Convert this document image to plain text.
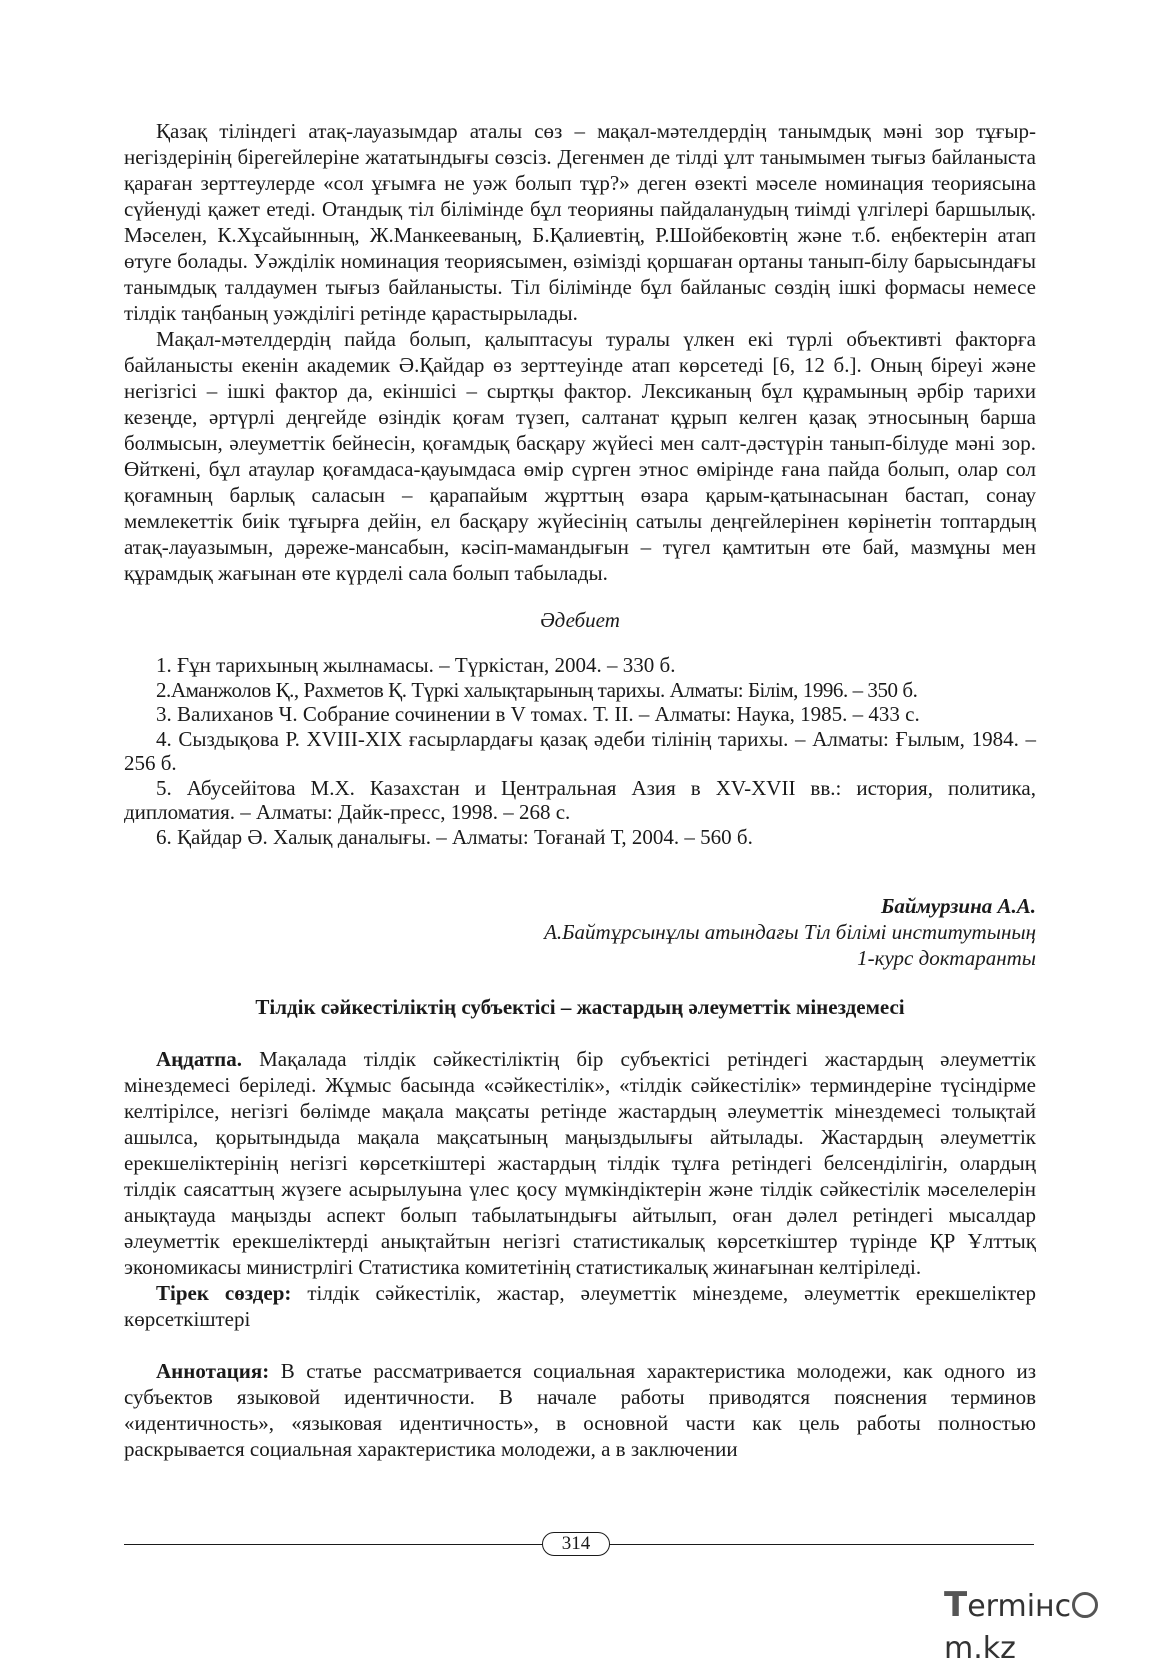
Қазақ тіліндегі атақ-лауазымдар аталы сөз – мақал-мәтелдердің танымдық мәні зор тұғыр-негіздерінің бірегейлеріне жататындығы сөзсіз. Дегенмен де тілді ұлт танымымен тығыз байланыста қараған зерттеулерде «сол ұғымға не уәж болып тұр?» деген өзекті мәселе номинация теориясына сүйенуді қажет етеді. Отандық тіл білімінде бұл теорияны пайдаланудың тиімді үлгілері баршылық. Мәселен, К.Хұсайынның, Ж.Манкееваның, Б.Қалиевтің, Р.Шойбековтің және т.б. еңбектерін атап өтуге болады. Уәжділік номинация теориясымен, өзімізді қоршаған ортаны танып-білу барысындағы танымдық талдаумен тығыз байланысты. Тіл білімінде бұл байланыс сөздің ішкі формасы немесе тілдік таңбаның уәжділігі ретінде қарастырылады.

Мақал-мәтелдердің пайда болып, қалыптасуы туралы үлкен екі түрлі объективті факторға байланысты екенін академик Ә.Қайдар өз зерттеуінде атап көрсетеді [6, 12 б.]. Оның біреуі және негізгісі – ішкі фактор да, екіншісі – сыртқы фактор. Лексиканың бұл құрамының әрбір тарихи кезеңде, әртүрлі деңгейде өзіндік қоғам түзеп, салтанат құрып келген қазақ этносының барша болмысын, әлеуметтік бейнесін, қоғамдық басқару жүйесі мен салт-дәстүрін танып-білуде мәні зор. Өйткені, бұл атаулар қоғамдаса-қауымдаса өмір сүрген этнос өмірінде ғана пайда болып, олар сол қоғамның барлық саласын – қарапайым жұрттың өзара қарым-қатынасынан бастап, сонау мемлекеттік биік тұғырға дейін, ел басқару жүйесінің сатылы деңгейлерінен көрінетін топтардың атақ-лауазымын, дәреже-мансабын, кәсіп-мамандығын – түгел қамтитын өте бай, мазмұны мен құрамдық жағынан өте күрделі сала болып табылады.

Әдебиет

1. Ғұн тарихының жылнамасы. – Түркістан, 2004. – 330 б.

2.Аманжолов Қ., Рахметов Қ. Түркі халықтарының тарихы. Алматы: Білім, 1996. – 350 б.

3. Валиханов Ч. Собрание сочинении в V томах. Т. II. – Алматы: Наука, 1985. – 433 с.

4. Сыздықова Р. XVIII-XIX ғасырлардағы қазақ әдеби тілінің тарихы. – Алматы: Ғылым, 1984. –256 б.

5. Абусейітова М.Х. Казахстан и Центральная Азия в XV-XVII вв.: история, политика, дипломатия. – Алматы: Дайк-пресс, 1998. – 268 с.

6. Қайдар Ә. Халық даналығы. – Алматы: Тоғанай Т, 2004. – 560 б.

Баймурзина А.А.
А.Байтұрсынұлы атындағы Тіл білімі институтының
1-курс доктаранты
Тілдік сәйкестіліктің субъектісі – жастардың әлеуметтік мінездемесі

Аңдатпа. Мақалада тілдік сәйкестіліктің бір субъектісі ретіндегі жастардың әлеуметтік мінездемесі беріледі. Жұмыс басында «сәйкестілік», «тілдік сәйкестілік» терминдеріне түсіндірме келтірілсе, негізгі бөлімде мақала мақсаты ретінде жастардың әлеуметтік мінездемесі толықтай ашылса, қорытындыда мақала мақсатының маңыздылығы айтылады. Жастардың әлеуметтік ерекшеліктерінің негізгі көрсеткіштері жастардың тілдік тұлға ретіндегі белсенділігін, олардың тілдік саясаттың жүзеге асырылуына үлес қосу мүмкіндіктерін және тілдік сәйкестілік мәселелерін анықтауда маңызды аспект болып табылатындығы айтылып, оған дәлел ретіндегі мысалдар әлеуметтік ерекшеліктерді анықтайтын негізгі статистикалық көрсеткіштер түрінде ҚР Ұлттық экономикасы министрлігі Статистика комитетінің статистикалық жинағынан келтіріледі.

Тірек сөздер: тілдік сәйкестілік, жастар, әлеуметтік мінездеме, әлеуметтік ерекшеліктер көрсеткіштері

Аннотация: В статье рассматривается социальная характеристика молодежи, как одного из субъектов языковой идентичности. В начале работы приводятся пояснения терминов «идентичность», «языковая идентичность», в основной части как цель работы полностью раскрывается социальная характеристика молодежи, а в заключении

314
Termінcm.kz
